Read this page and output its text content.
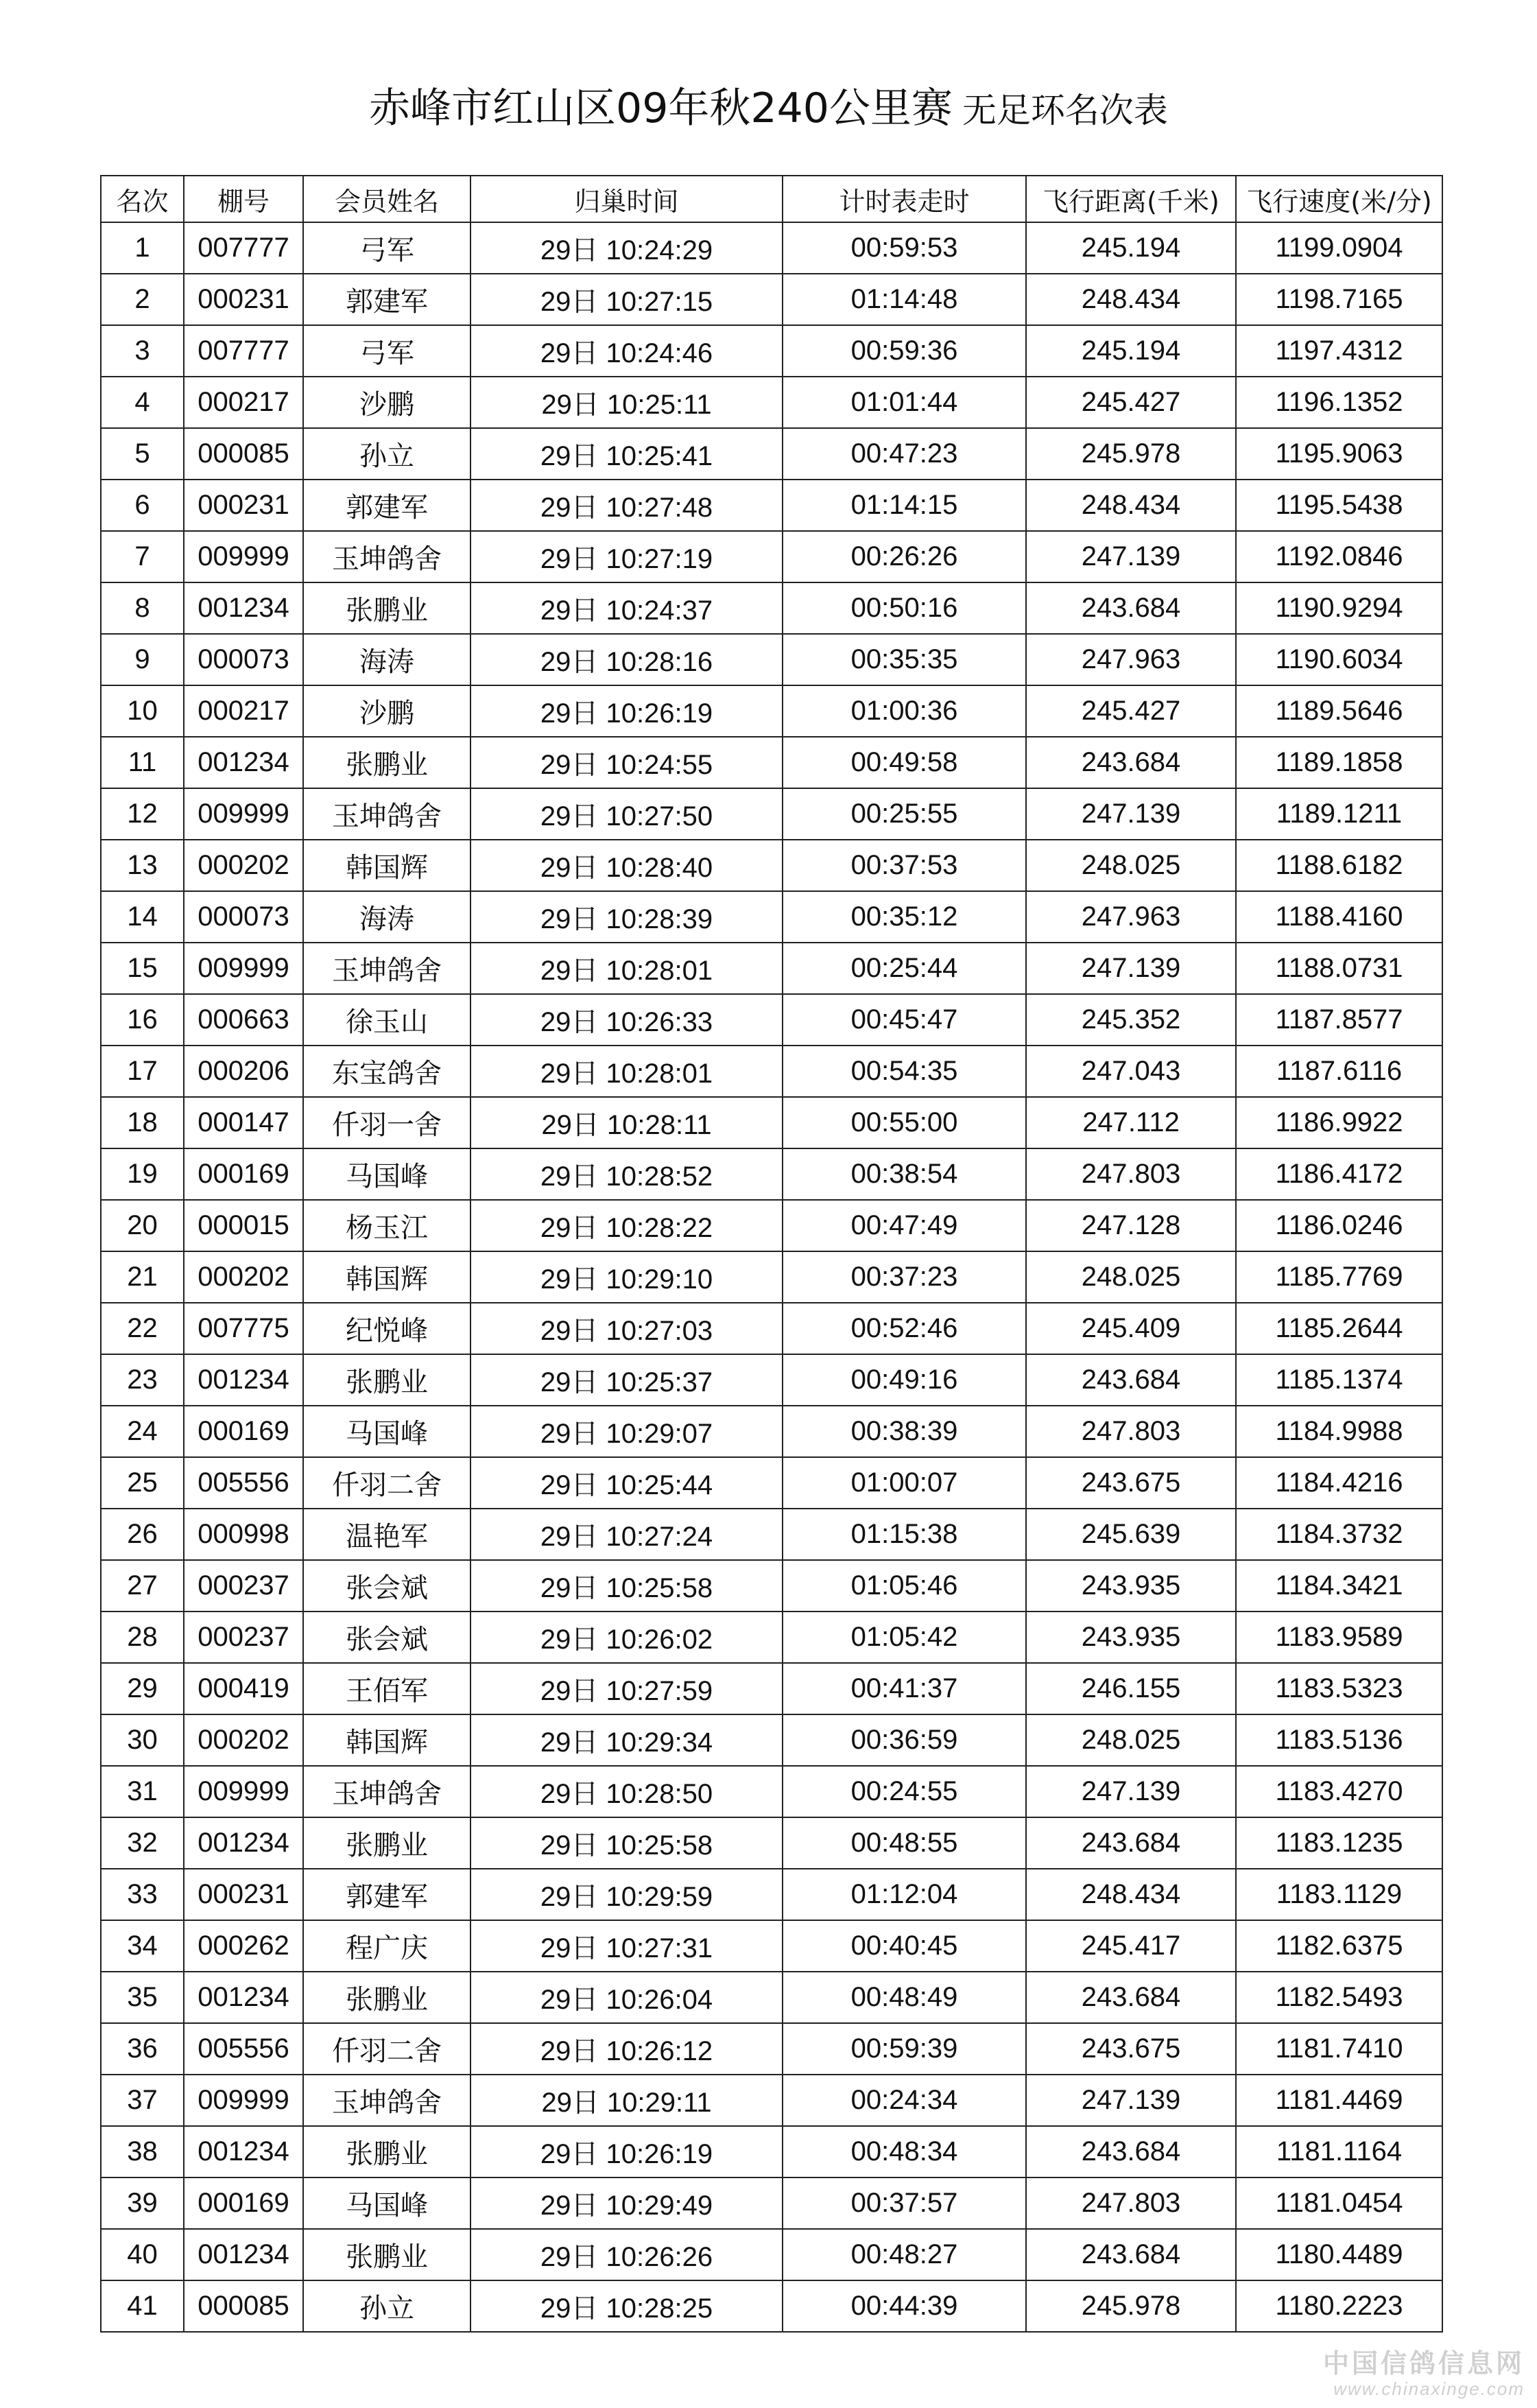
赤峰市红山区09年秋240公里赛 无足环名次表
名次	棚号	会员姓名	归巢时间	计时表走时	飞行距离(千米)	飞行速度(米/分)
1	007777	弓军	29日 10:24:29	00:59:53	245.194	1199.0904
2	000231	郭建军	29日 10:27:15	01:14:48	248.434	1198.7165
3	007777	弓军	29日 10:24:46	00:59:36	245.194	1197.4312
4	000217	沙鹏	29日 10:25:11	01:01:44	245.427	1196.1352
5	000085	孙立	29日 10:25:41	00:47:23	245.978	1195.9063
6	000231	郭建军	29日 10:27:48	01:14:15	248.434	1195.5438
7	009999	玉坤鸽舍	29日 10:27:19	00:26:26	247.139	1192.0846
8	001234	张鹏业	29日 10:24:37	00:50:16	243.684	1190.9294
9	000073	海涛	29日 10:28:16	00:35:35	247.963	1190.6034
10	000217	沙鹏	29日 10:26:19	01:00:36	245.427	1189.5646
11	001234	张鹏业	29日 10:24:55	00:49:58	243.684	1189.1858
12	009999	玉坤鸽舍	29日 10:27:50	00:25:55	247.139	1189.1211
13	000202	韩国辉	29日 10:28:40	00:37:53	248.025	1188.6182
14	000073	海涛	29日 10:28:39	00:35:12	247.963	1188.4160
15	009999	玉坤鸽舍	29日 10:28:01	00:25:44	247.139	1188.0731
16	000663	徐玉山	29日 10:26:33	00:45:47	245.352	1187.8577
17	000206	东宝鸽舍	29日 10:28:01	00:54:35	247.043	1187.6116
18	000147	仟羽一舍	29日 10:28:11	00:55:00	247.112	1186.9922
19	000169	马国峰	29日 10:28:52	00:38:54	247.803	1186.4172
20	000015	杨玉江	29日 10:28:22	00:47:49	247.128	1186.0246
21	000202	韩国辉	29日 10:29:10	00:37:23	248.025	1185.7769
22	007775	纪悦峰	29日 10:27:03	00:52:46	245.409	1185.2644
23	001234	张鹏业	29日 10:25:37	00:49:16	243.684	1185.1374
24	000169	马国峰	29日 10:29:07	00:38:39	247.803	1184.9988
25	005556	仟羽二舍	29日 10:25:44	01:00:07	243.675	1184.4216
26	000998	温艳军	29日 10:27:24	01:15:38	245.639	1184.3732
27	000237	张会斌	29日 10:25:58	01:05:46	243.935	1184.3421
28	000237	张会斌	29日 10:26:02	01:05:42	243.935	1183.9589
29	000419	王佰军	29日 10:27:59	00:41:37	246.155	1183.5323
30	000202	韩国辉	29日 10:29:34	00:36:59	248.025	1183.5136
31	009999	玉坤鸽舍	29日 10:28:50	00:24:55	247.139	1183.4270
32	001234	张鹏业	29日 10:25:58	00:48:55	243.684	1183.1235
33	000231	郭建军	29日 10:29:59	01:12:04	248.434	1183.1129
34	000262	程广庆	29日 10:27:31	00:40:45	245.417	1182.6375
35	001234	张鹏业	29日 10:26:04	00:48:49	243.684	1182.5493
36	005556	仟羽二舍	29日 10:26:12	00:59:39	243.675	1181.7410
37	009999	玉坤鸽舍	29日 10:29:11	00:24:34	247.139	1181.4469
38	001234	张鹏业	29日 10:26:19	00:48:34	243.684	1181.1164
39	000169	马国峰	29日 10:29:49	00:37:57	247.803	1181.0454
40	001234	张鹏业	29日 10:26:26	00:48:27	243.684	1180.4489
41	000085	孙立	29日 10:28:25	00:44:39	245.978	1180.2223
中国信鸽信息网
www.chinaxinge.com
